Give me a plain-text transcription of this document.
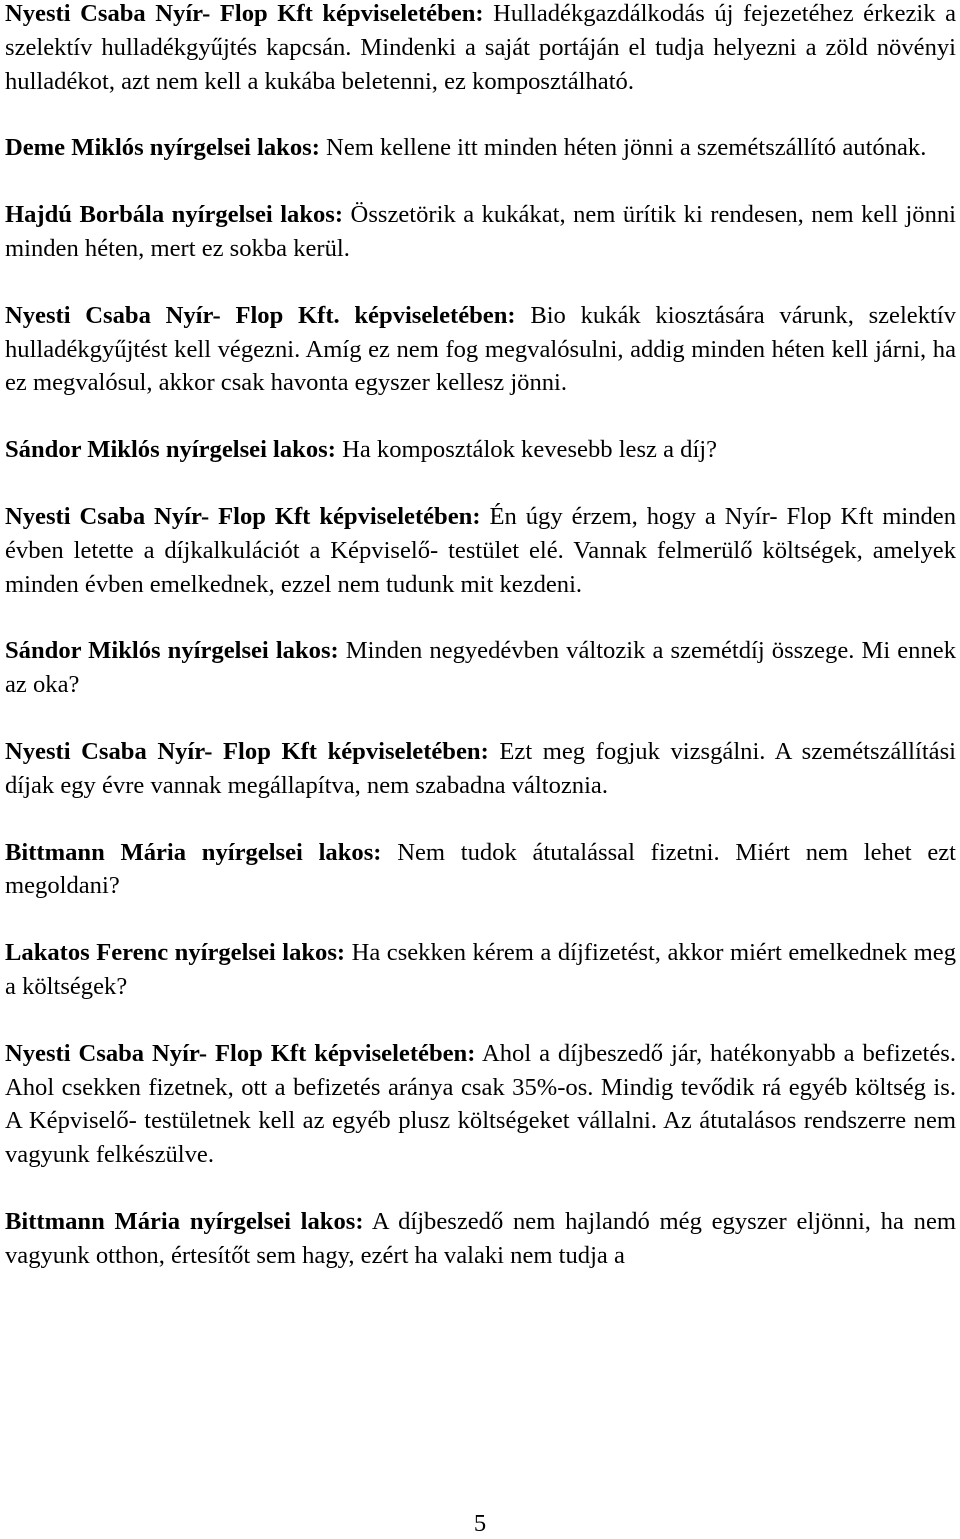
Nyesti Csaba Nyír- Flop Kft képviseletében: Hulladékgazdálkodás új fejezetéhez érkezik a szelektív hulladékgyűjtés kapcsán. Mindenki a saját portáján el tudja helyezni a zöld növényi hulladékot, azt nem kell a kukába beletenni, ez komposztálható.

Deme Miklós nyírgelsei lakos: Nem kellene itt minden héten jönni a szemétszállító autónak.

Hajdú Borbála nyírgelsei lakos: Összetörik a kukákat, nem ürítik ki rendesen, nem kell jönni minden héten, mert ez sokba kerül.

Nyesti Csaba Nyír- Flop Kft. képviseletében: Bio kukák kiosztására várunk, szelektív hulladékgyűjtést kell végezni. Amíg ez nem fog megvalósulni, addig minden héten kell járni, ha ez megvalósul, akkor csak havonta egyszer kellesz jönni.

Sándor Miklós nyírgelsei lakos: Ha komposztálok kevesebb lesz a díj?

Nyesti Csaba Nyír- Flop Kft képviseletében: Én úgy érzem, hogy a Nyír- Flop Kft minden évben letette a díjkalkulációt a Képviselő- testület elé. Vannak felmerülő költségek, amelyek minden évben emelkednek, ezzel nem tudunk mit kezdeni.

Sándor Miklós nyírgelsei lakos: Minden negyedévben változik a szemétdíj összege. Mi ennek az oka?

Nyesti Csaba Nyír- Flop Kft képviseletében: Ezt meg fogjuk vizsgálni. A szemétszállítási díjak egy évre vannak megállapítva, nem szabadna változnia.

Bittmann Mária nyírgelsei lakos: Nem tudok átutalással fizetni. Miért nem lehet ezt megoldani?

Lakatos Ferenc nyírgelsei lakos: Ha csekken kérem a díjfizetést, akkor miért emelkednek meg a költségek?

Nyesti Csaba Nyír- Flop Kft képviseletében: Ahol a díjbeszedő jár, hatékonyabb a befizetés. Ahol csekken fizetnek, ott a befizetés aránya csak 35%-os. Mindig tevődik rá egyéb költség is. A Képviselő- testületnek kell az egyéb plusz költségeket vállalni. Az átutalásos rendszerre nem vagyunk felkészülve.

Bittmann Mária nyírgelsei lakos: A díjbeszedő nem hajlandó még egyszer eljönni, ha nem vagyunk otthon, értesítőt sem hagy, ezért ha valaki nem tudja a

5
